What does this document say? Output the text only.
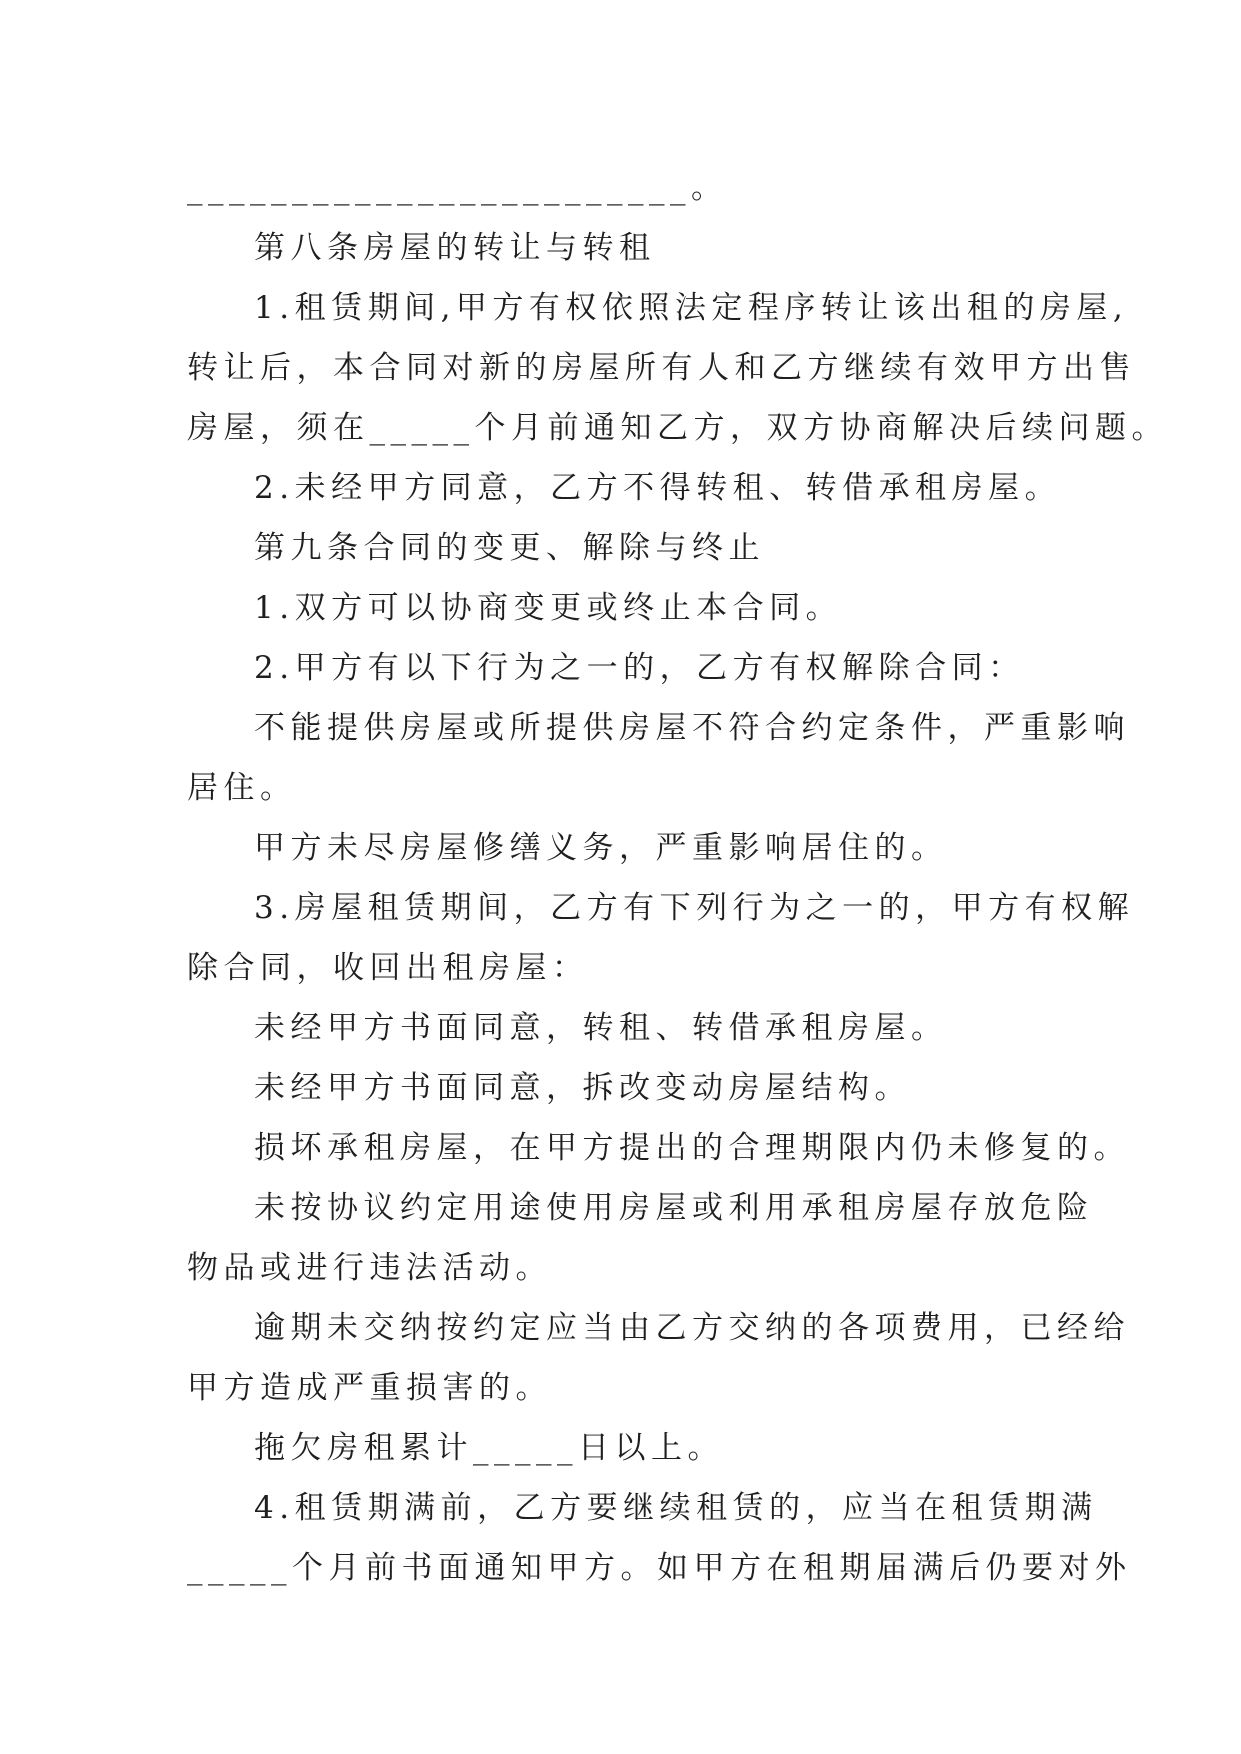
________________________。

第八条房屋的转让与转租

1.租赁期间,甲方有权依照法定程序转让该出租的房屋,

转让后，本合同对新的房屋所有人和乙方继续有效甲方出售

房屋，须在_____个月前通知乙方，双方协商解决后续问题。

2.未经甲方同意，乙方不得转租、转借承租房屋。

第九条合同的变更、解除与终止

1.双方可以协商变更或终止本合同。

2.甲方有以下行为之一的，乙方有权解除合同：

不能提供房屋或所提供房屋不符合约定条件，严重影响

居住。

甲方未尽房屋修缮义务，严重影响居住的。

3.房屋租赁期间，乙方有下列行为之一的，甲方有权解

除合同，收回出租房屋：

未经甲方书面同意，转租、转借承租房屋。

未经甲方书面同意，拆改变动房屋结构。

损坏承租房屋，在甲方提出的合理期限内仍未修复的。

未按协议约定用途使用房屋或利用承租房屋存放危险

物品或进行违法活动。

逾期未交纳按约定应当由乙方交纳的各项费用，已经给

甲方造成严重损害的。

拖欠房租累计_____日以上。

4.租赁期满前，乙方要继续租赁的，应当在租赁期满

_____个月前书面通知甲方。如甲方在租期届满后仍要对外
